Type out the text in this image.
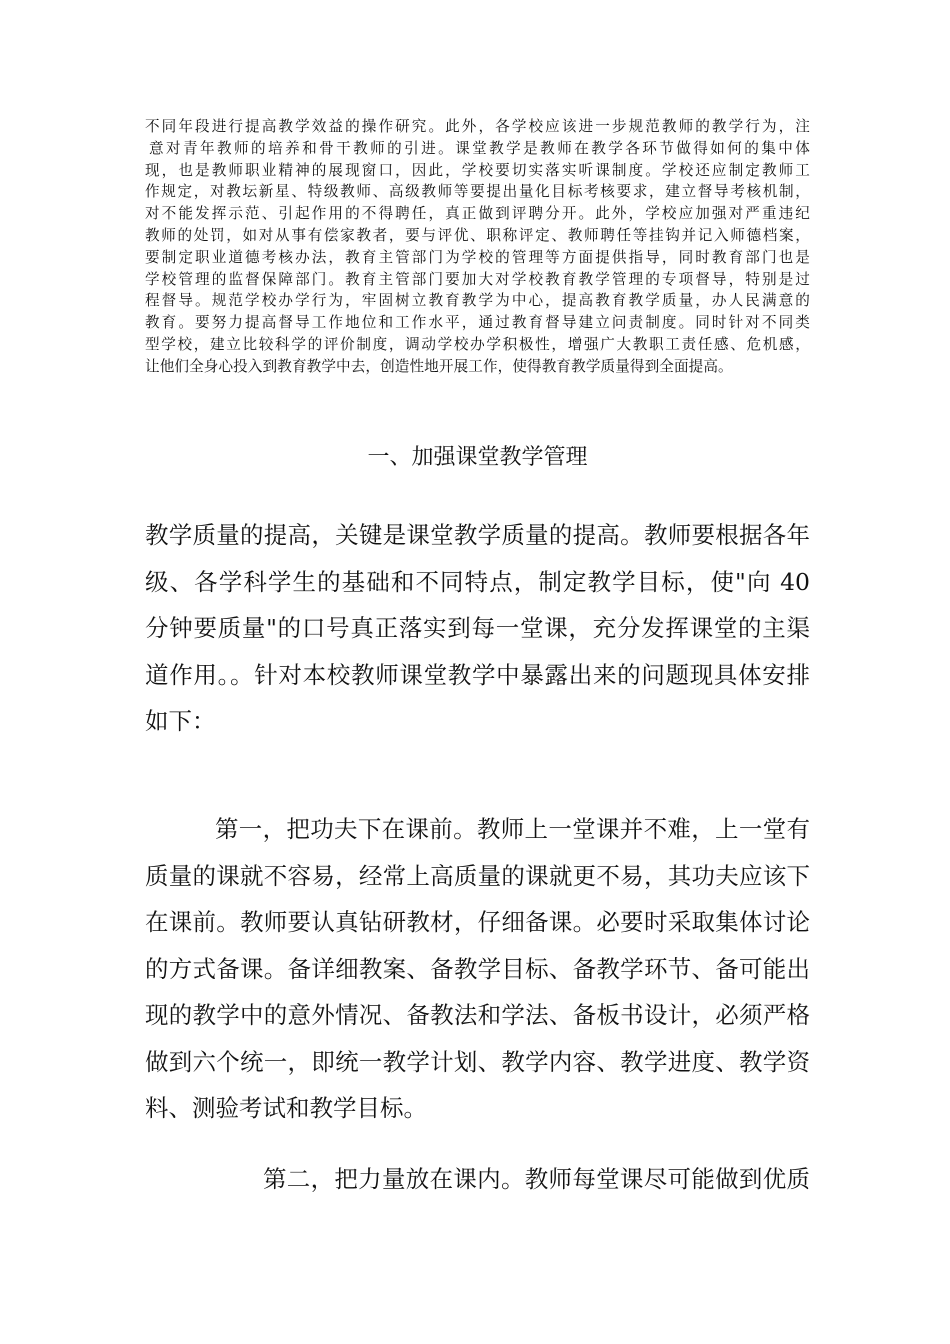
不同年段进行提高教学效益的操作研究。此外，各学校应该进一步规范教师的教学行为，注
意对青年教师的培养和骨干教师的引进。课堂教学是教师在教学各环节做得如何的集中体
现，也是教师职业精神的展现窗口，因此，学校要切实落实听课制度。学校还应制定教师工
作规定，对教坛新星、特级教师、高级教师等要提出量化目标考核要求，建立督导考核机制，
对不能发挥示范、引起作用的不得聘任，真正做到评聘分开。此外，学校应加强对严重违纪
教师的处罚，如对从事有偿家教者，要与评优、职称评定、教师聘任等挂钩并记入师德档案，
要制定职业道德考核办法，教育主管部门为学校的管理等方面提供指导，同时教育部门也是
学校管理的监督保障部门。教育主管部门要加大对学校教育教学管理的专项督导，特别是过
程督导。规范学校办学行为，牢固树立教育教学为中心，提高教育教学质量，办人民满意的
教育。要努力提高督导工作地位和工作水平，通过教育督导建立问责制度。同时针对不同类
型学校，建立比较科学的评价制度，调动学校办学积极性，增强广大教职工责任感、危机感，
让他们全身心投入到教育教学中去，创造性地开展工作，使得教育教学质量得到全面提高。
一、加强课堂教学管理
教学质量的提高，关键是课堂教学质量的提高。教师要根据各年
级、各学科学生的基础和不同特点，制定教学目标，使"向 40
分钟要质量"的口号真正落实到每一堂课，充分发挥课堂的主渠
道作用。。针对本校教师课堂教学中暴露出来的问题现具体安排
如下：
第一，把功夫下在课前。教师上一堂课并不难，上一堂有
质量的课就不容易，经常上高质量的课就更不易，其功夫应该下
在课前。教师要认真钻研教材，仔细备课。必要时采取集体讨论
的方式备课。备详细教案、备教学目标、备教学环节、备可能出
现的教学中的意外情况、备教法和学法、备板书设计，必须严格
做到六个统一，即统一教学计划、教学内容、教学进度、教学资
料、测验考试和教学目标。
第二，把力量放在课内。教师每堂课尽可能做到优质
